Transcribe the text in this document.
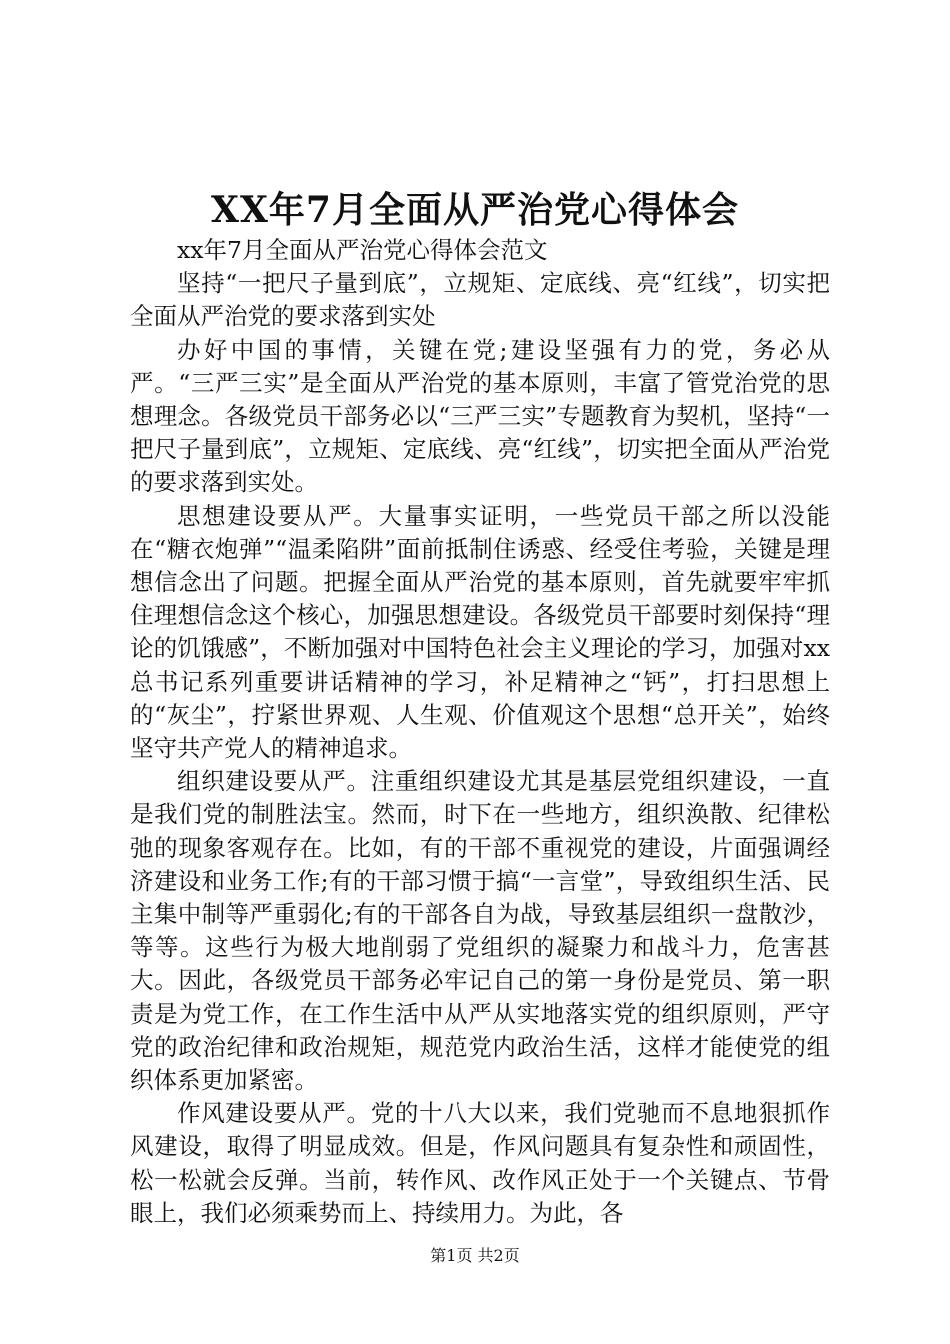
XX年7月全面从严治党心得体会

xx年7月全面从严治党心得体会范文

坚持“一把尺子量到底”，立规矩、定底线、亮“红线”，切实把全面从严治党的要求落到实处

办好中国的事情，关键在党;建设坚强有力的党，务必从严。“三严三实”是全面从严治党的基本原则，丰富了管党治党的思想理念。各级党员干部务必以“三严三实”专题教育为契机，坚持“一把尺子量到底”，立规矩、定底线、亮“红线”，切实把全面从严治党的要求落到实处。

思想建设要从严。大量事实证明，一些党员干部之所以没能在“糖衣炮弹”“温柔陷阱”面前抵制住诱惑、经受住考验，关键是理想信念出了问题。把握全面从严治党的基本原则，首先就要牢牢抓住理想信念这个核心，加强思想建设。各级党员干部要时刻保持“理论的饥饿感”，不断加强对中国特色社会主义理论的学习，加强对xx总书记系列重要讲话精神的学习，补足精神之“钙”，打扫思想上的“灰尘”，拧紧世界观、人生观、价值观这个思想“总开关”，始终坚守共产党人的精神追求。

组织建设要从严。注重组织建设尤其是基层党组织建设，一直是我们党的制胜法宝。然而，时下在一些地方，组织涣散、纪律松弛的现象客观存在。比如，有的干部不重视党的建设，片面强调经济建设和业务工作;有的干部习惯于搞“一言堂”，导致组织生活、民主集中制等严重弱化;有的干部各自为战，导致基层组织一盘散沙，等等。这些行为极大地削弱了党组织的凝聚力和战斗力，危害甚大。因此，各级党员干部务必牢记自己的第一身份是党员、第一职责是为党工作，在工作生活中从严从实地落实党的组织原则，严守党的政治纪律和政治规矩，规范党内政治生活，这样才能使党的组织体系更加紧密。

作风建设要从严。党的十八大以来，我们党驰而不息地狠抓作风建设，取得了明显成效。但是，作风问题具有复杂性和顽固性，松一松就会反弹。当前，转作风、改作风正处于一个关键点、节骨眼上，我们必须乘势而上、持续用力。为此，各

第1页 共2页
